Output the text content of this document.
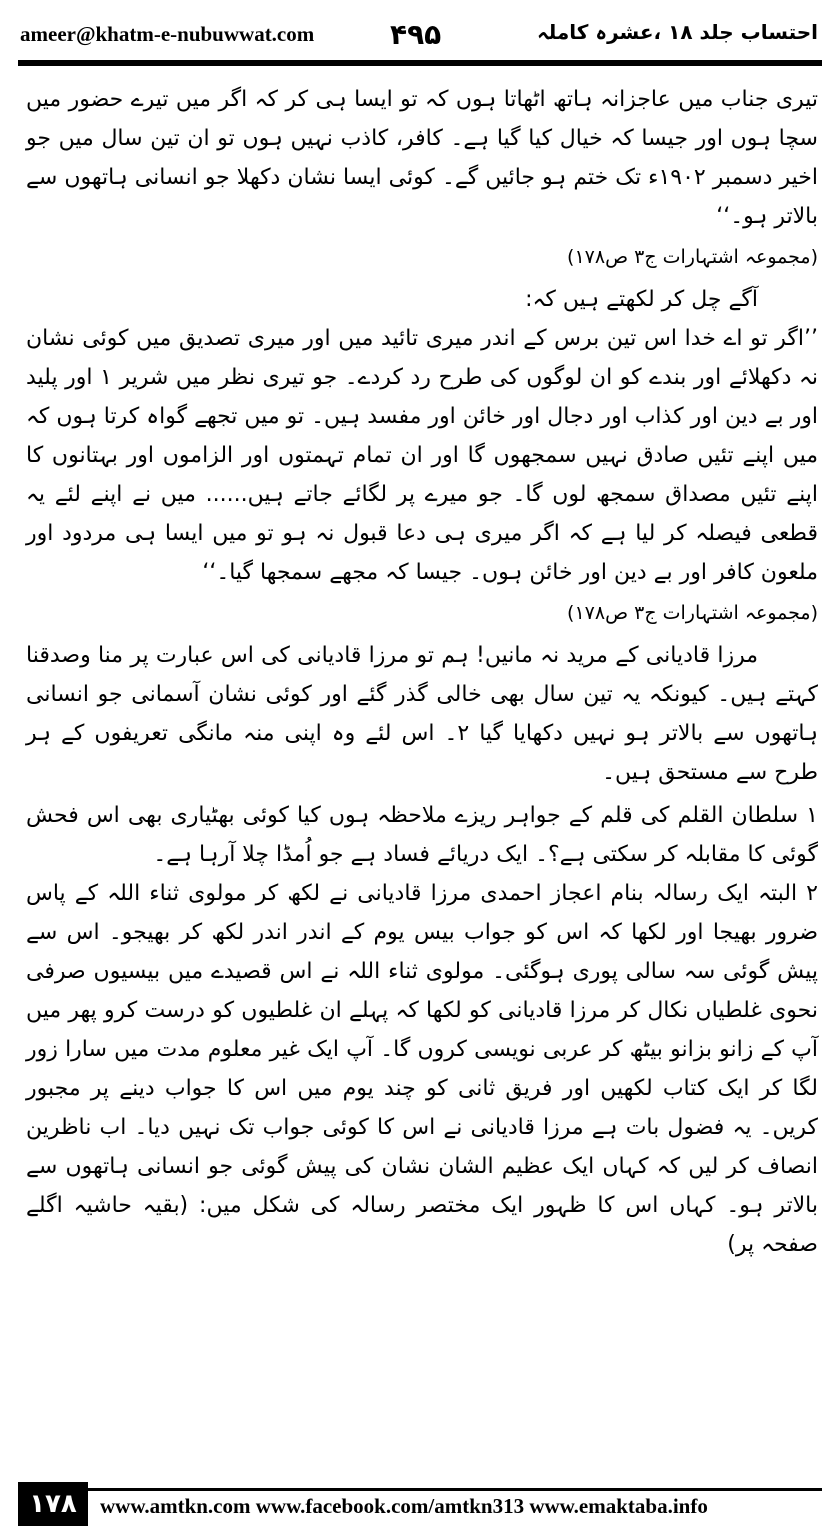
ameer@khatm-e-nubuwwat.com	۴۹۵	احتساب جلد ۱۸ ،عشرہ کاملہ

تیری جناب میں عاجزانہ ہاتھ اٹھاتا ہوں کہ تو ایسا ہی کر کہ اگر میں تیرے حضور میں سچا ہوں اور جیسا کہ خیال کیا گیا ہے۔ کافر، کاذب نہیں ہوں تو ان تین سال میں جو اخیر دسمبر ۱۹۰۲ء تک ختم ہو جائیں گے۔ کوئی ایسا نشان دکھلا جو انسانی ہاتھوں سے بالاتر ہو۔‘‘

(مجموعہ اشتہارات ج۳ ص۱۷۸)

آگے چل کر لکھتے ہیں کہ:

’’اگر تو اے خدا اس تین برس کے اندر میری تائید میں اور میری تصدیق میں کوئی نشان نہ دکھلائے اور بندے کو ان لوگوں کی طرح رد کردے۔ جو تیری نظر میں شریر ۱ اور پلید اور بے دین اور کذاب اور دجال اور خائن اور مفسد ہیں۔ تو میں تجھے گواہ کرتا ہوں کہ میں اپنے تئیں صادق نہیں سمجھوں گا اور ان تمام تہمتوں اور الزاموں اور بہتانوں کا اپنے تئیں مصداق سمجھ لوں گا۔ جو میرے پر لگائے جاتے ہیں...... میں نے اپنے لئے یہ قطعی فیصلہ کر لیا ہے کہ اگر میری ہی دعا قبول نہ ہو تو میں ایسا ہی مردود اور ملعون کافر اور بے دین اور خائن ہوں۔ جیسا کہ مجھے سمجھا گیا۔‘‘

(مجموعہ اشتہارات ج۳ ص۱۷۸)

مرزا قادیانی کے مرید نہ مانیں! ہم تو مرزا قادیانی کی اس عبارت پر منا وصدقنا کہتے ہیں۔ کیونکہ یہ تین سال بھی خالی گذر گئے اور کوئی نشان آسمانی جو انسانی ہاتھوں سے بالاتر ہو نہیں دکھایا گیا ۲۔ اس لئے وہ اپنی منہ مانگی تعریفوں کے ہر طرح سے مستحق ہیں۔

۱ سلطان القلم کی قلم کے جواہر ریزے ملاحظہ ہوں کیا کوئی بھٹیاری بھی اس فحش گوئی کا مقابلہ کر سکتی ہے؟۔ ایک دریائے فساد ہے جو اُمڈا چلا آرہا ہے۔

۲ البتہ ایک رسالہ بنام اعجاز احمدی مرزا قادیانی نے لکھ کر مولوی ثناء اللہ کے پاس ضرور بھیجا اور لکھا کہ اس کو جواب بیس یوم کے اندر اندر لکھ کر بھیجو۔ اس سے پیش گوئی سہ سالی پوری ہوگئی۔ مولوی ثناء اللہ نے اس قصیدے میں بیسیوں صرفی نحوی غلطیاں نکال کر مرزا قادیانی کو لکھا کہ پہلے ان غلطیوں کو درست کرو پھر میں آپ کے زانو بزانو بیٹھ کر عربی نویسی کروں گا۔ آپ ایک غیر معلوم مدت میں سارا زور لگا کر ایک کتاب لکھیں اور فریق ثانی کو چند یوم میں اس کا جواب دینے پر مجبور کریں۔ یہ فضول بات ہے مرزا قادیانی نے اس کا کوئی جواب تک نہیں دیا۔ اب ناظرین انصاف کر لیں کہ کہاں ایک عظیم الشان نشان کی پیش گوئی جو انسانی ہاتھوں سے بالاتر ہو۔ کہاں اس کا ظہور ایک مختصر رسالہ کی شکل میں: (بقیہ حاشیہ اگلے صفحہ پر)

۱۷۸	www.amtkn.com www.facebook.com/amtkn313 www.emaktaba.info
